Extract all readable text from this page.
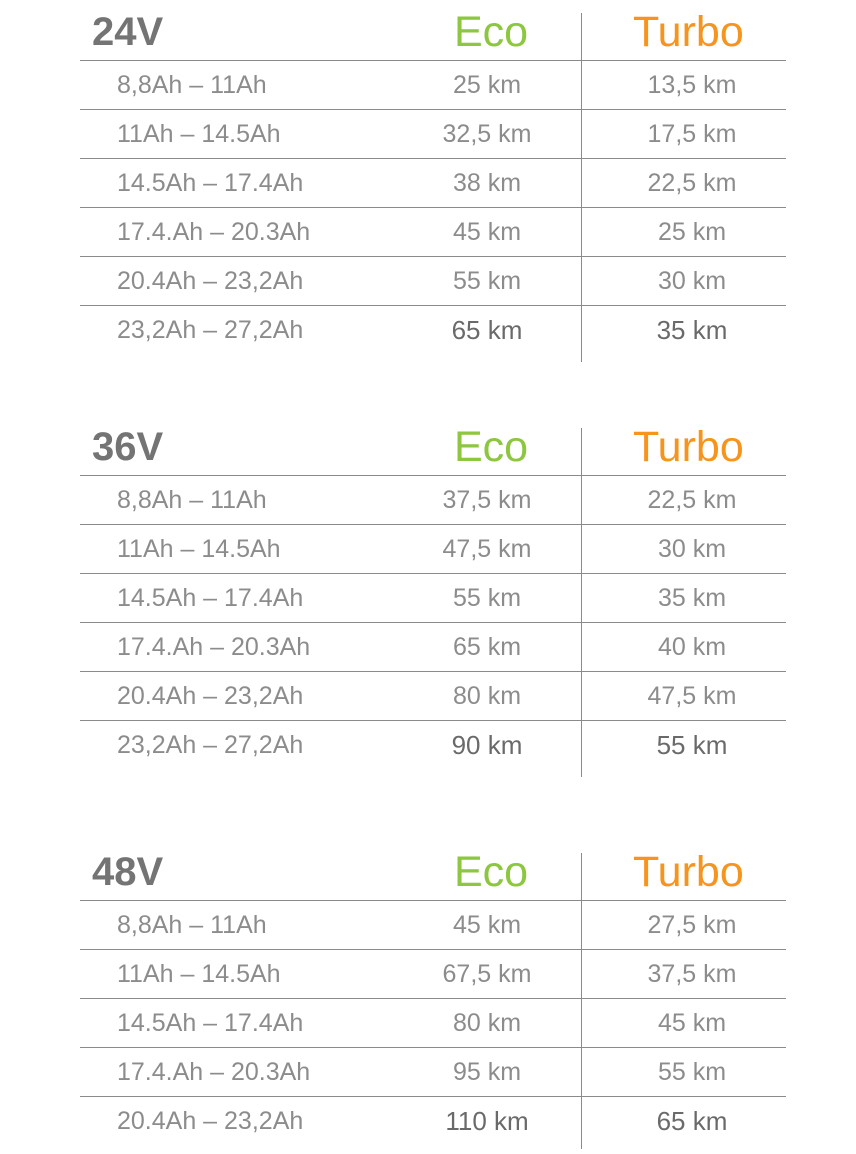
24V	Eco Turbo
8,8Ah – 11Ah	25 km	13,5 km
11Ah – 14.5Ah	32,5 km	17,5 km
14.5Ah – 17.4Ah	38 km	22,5 km
17.4.Ah – 20.3Ah	45 km	25 km
20.4Ah – 23,2Ah	55 km	30 km
23,2Ah – 27,2Ah	65 km	35 km
36V	Eco Turbo
8,8Ah – 11Ah	37,5 km	22,5 km
11Ah – 14.5Ah	47,5 km	30 km
14.5Ah – 17.4Ah	55 km	35 km
17.4.Ah – 20.3Ah	65 km	40 km
20.4Ah – 23,2Ah	80 km	47,5 km
23,2Ah – 27,2Ah	90 km	55 km
48V	Eco Turbo
8,8Ah – 11Ah	45 km	27,5 km
11Ah – 14.5Ah	67,5 km	37,5 km
14.5Ah – 17.4Ah	80 km	45 km
17.4.Ah – 20.3Ah	95 km	55 km
20.4Ah – 23,2Ah	110 km	65 km
